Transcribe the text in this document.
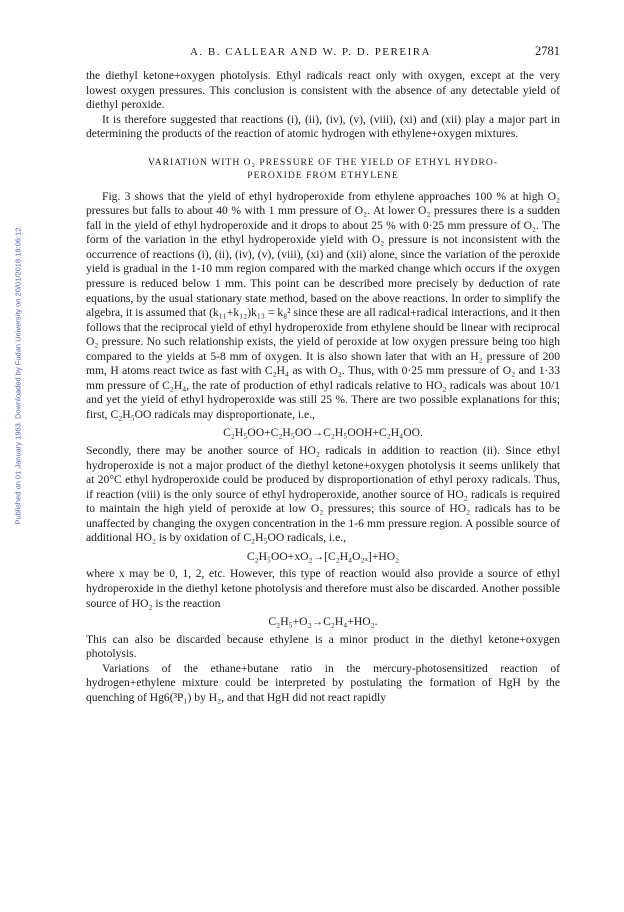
Published on 01 January 1963. Downloaded by Fudan University on 20/01/2018 18:06:12.
A. B. CALLEAR AND W. P. D. PEREIRA	2781

the diethyl ketone+oxygen photolysis. Ethyl radicals react only with oxygen, except at the very lowest oxygen pressures. This conclusion is consistent with the absence of any detectable yield of diethyl peroxide.

It is therefore suggested that reactions (i), (ii), (iv), (v), (viii), (xi) and (xii) play a major part in determining the products of the reaction of atomic hydrogen with ethylene+oxygen mixtures.

VARIATION WITH O₂ PRESSURE OF THE YIELD OF ETHYL HYDRO-
PEROXIDE FROM ETHYLENE

Fig. 3 shows that the yield of ethyl hydroperoxide from ethylene approaches 100 % at high O₂ pressures but falls to about 40 % with 1 mm pressure of O₂. At lower O₂ pressures there is a sudden fall in the yield of ethyl hydroperoxide and it drops to about 25 % with 0·25 mm pressure of O₂. The form of the variation in the ethyl hydroperoxide yield with O₂ pressure is not inconsistent with the occurrence of reactions (i), (ii), (iv), (v), (viii), (xi) and (xii) alone, since the variation of the peroxide yield is gradual in the 1-10 mm region compared with the marked change which occurs if the oxygen pressure is reduced below 1 mm. This point can be described more precisely by deduction of rate equations, by the usual stationary state method, based on the above reactions. In order to simplify the algebra, it is assumed that (k₁₁+k₁₂)k₁₃ = k₈² since these are all radical+radical interactions, and it then follows that the reciprocal yield of ethyl hydroperoxide from ethylene should be linear with reciprocal O₂ pressure. No such relationship exists, the yield of peroxide at low oxygen pressure being too high compared to the yields at 5-8 mm of oxygen. It is also shown later that with an H₂ pressure of 200 mm, H atoms react twice as fast with C₂H₄ as with O₂. Thus, with 0·25 mm pressure of O₂ and 1·33 mm pressure of C₂H₄, the rate of production of ethyl radicals relative to HO₂ radicals was about 10/1 and yet the yield of ethyl hydroperoxide was still 25 %. There are two possible explanations for this; first, C₂H₅OO radicals may disproportionate, i.e.,

C₂H₅OO+C₂H₅OO→C₂H₅OOH+C₂H₄OO.

Secondly, there may be another source of HO₂ radicals in addition to reaction (ii). Since ethyl hydroperoxide is not a major product of the diethyl ketone+oxygen photolysis it seems unlikely that at 20°C ethyl hydroperoxide could be produced by disproportionation of ethyl peroxy radicals. Thus, if reaction (viii) is the only source of ethyl hydroperoxide, another source of HO₂ radicals is required to maintain the high yield of peroxide at low O₂ pressures; this source of HO₂ radicals has to be unaffected by changing the oxygen concentration in the 1-6 mm pressure region. A possible source of additional HO₂ is by oxidation of C₂H₅OO radicals, i.e.,

C₂H₅OO+xO₂→[C₂H₄O₂ₓ]+HO₂

where x may be 0, 1, 2, etc. However, this type of reaction would also provide a source of ethyl hydroperoxide in the diethyl ketone photolysis and therefore must also be discarded. Another possible source of HO₂ is the reaction

C₂H₅+O₂→C₂H₄+HO₂.

This can also be discarded because ethylene is a minor product in the diethyl ketone+oxygen photolysis.

Variations of the ethane+butane ratio in the mercury-photosensitized reaction of hydrogen+ethylene mixture could be interpreted by postulating the formation of HgH by the quenching of Hg6(³P₁) by H₂, and that HgH did not react rapidly
